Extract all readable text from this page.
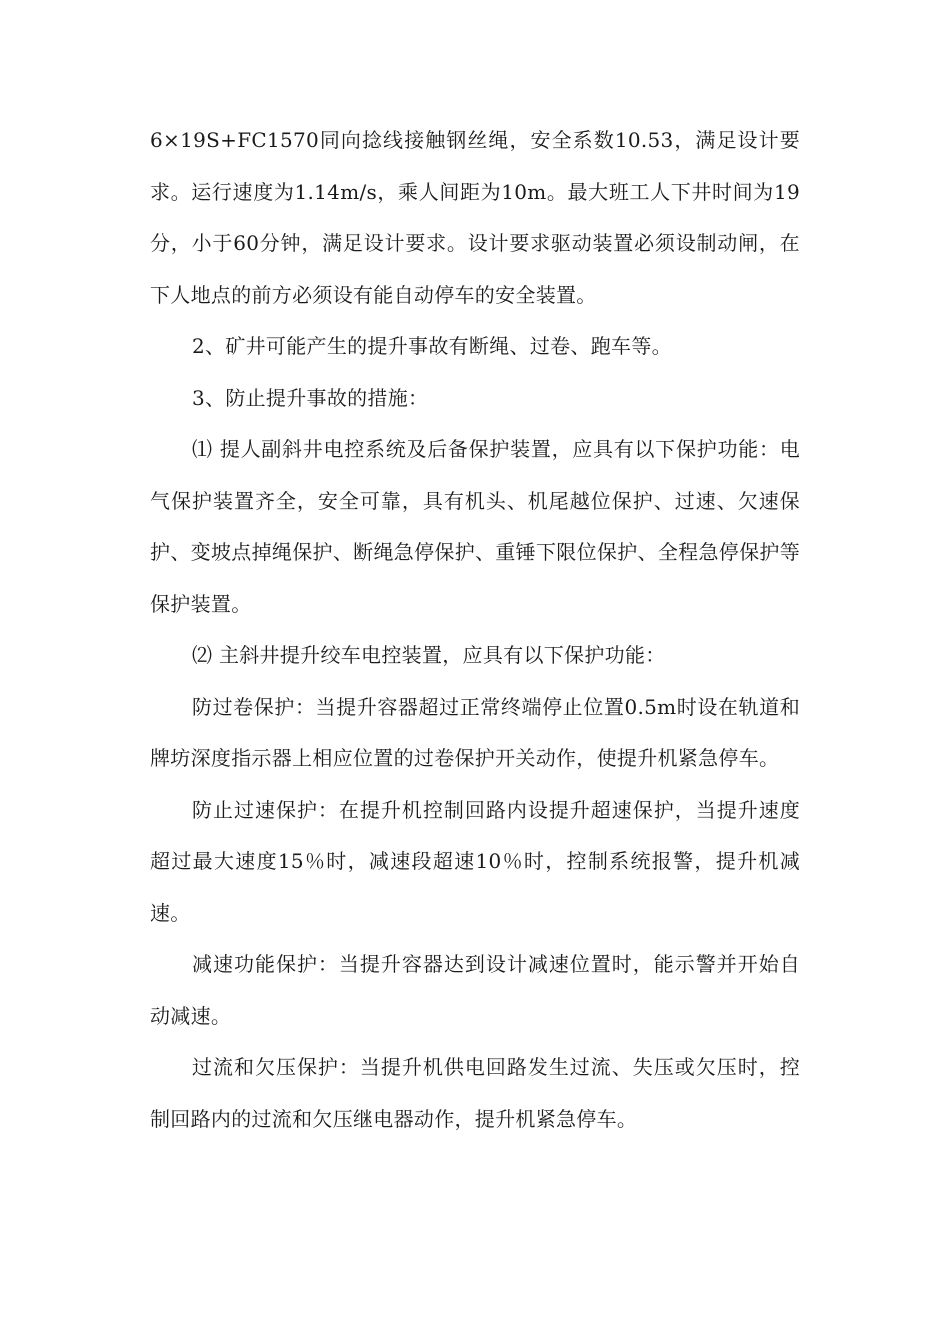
6×19S+FC1570同向捻线接触钢丝绳，安全系数10.53，满足设计要求。运行速度为1.14m/s，乘人间距为10m。最大班工人下井时间为19分，小于60分钟，满足设计要求。设计要求驱动装置必须设制动闸，在下人地点的前方必须设有能自动停车的安全装置。

2、矿井可能产生的提升事故有断绳、过卷、跑车等。

3、防止提升事故的措施：

⑴ 提人副斜井电控系统及后备保护装置，应具有以下保护功能：电气保护装置齐全，安全可靠，具有机头、机尾越位保护、过速、欠速保护、变坡点掉绳保护、断绳急停保护、重锤下限位保护、全程急停保护等保护装置。

⑵ 主斜井提升绞车电控装置，应具有以下保护功能：

防过卷保护：当提升容器超过正常终端停止位置0.5m时设在轨道和牌坊深度指示器上相应位置的过卷保护开关动作，使提升机紧急停车。

防止过速保护：在提升机控制回路内设提升超速保护，当提升速度超过最大速度15％时，减速段超速10％时，控制系统报警，提升机减速。

减速功能保护：当提升容器达到设计减速位置时，能示警并开始自动减速。

过流和欠压保护：当提升机供电回路发生过流、失压或欠压时，控制回路内的过流和欠压继电器动作，提升机紧急停车。
